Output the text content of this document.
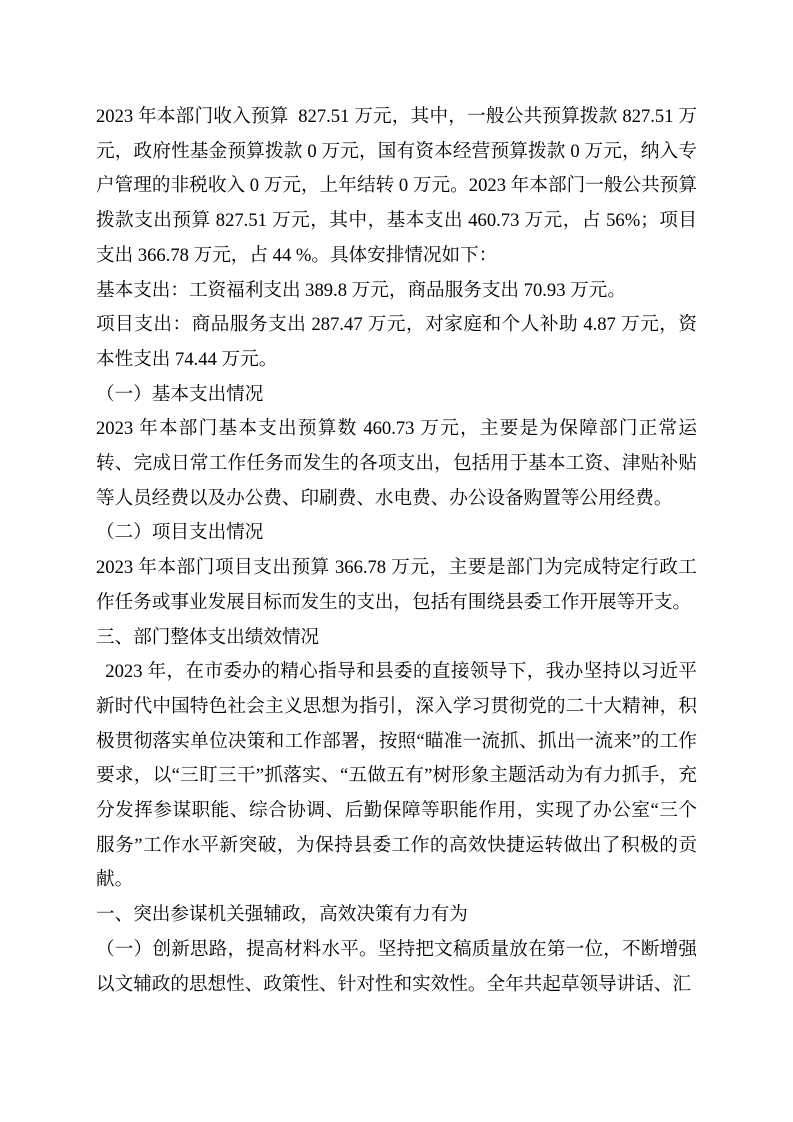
2023 年本部门收入预算  827.51 万元，其中，一般公共预算拨款 827.51 万元，政府性基金预算拨款 0 万元，国有资本经营预算拨款 0 万元，纳入专户管理的非税收入 0 万元，上年结转 0 万元。2023 年本部门一般公共预算拨款支出预算 827.51 万元，其中，基本支出 460.73 万元，占 56%；项目支出 366.78 万元，占 44 %。具体安排情况如下：

基本支出：工资福利支出 389.8 万元，商品服务支出 70.93 万元。

项目支出：商品服务支出 287.47 万元，对家庭和个人补助 4.87 万元，资本性支出 74.44 万元。

（一）基本支出情况

2023 年本部门基本支出预算数 460.73 万元，主要是为保障部门正常运转、完成日常工作任务而发生的各项支出，包括用于基本工资、津贴补贴等人员经费以及办公费、印刷费、水电费、办公设备购置等公用经费。

（二）项目支出情况

2023 年本部门项目支出预算 366.78 万元，主要是部门为完成特定行政工作任务或事业发展目标而发生的支出，包括有围绕县委工作开展等开支。

三、部门整体支出绩效情况

2023 年，在市委办的精心指导和县委的直接领导下，我办坚持以习近平新时代中国特色社会主义思想为指引，深入学习贯彻党的二十大精神，积极贯彻落实单位决策和工作部署，按照“瞄准一流抓、抓出一流来”的工作要求，以“三盯三干”抓落实、“五做五有”树形象主题活动为有力抓手，充分发挥参谋职能、综合协调、后勤保障等职能作用，实现了办公室“三个服务”工作水平新突破，为保持县委工作的高效快捷运转做出了积极的贡献。

一、突出参谋机关强辅政，高效决策有力有为

（一）创新思路，提高材料水平。坚持把文稿质量放在第一位，不断增强以文辅政的思想性、政策性、针对性和实效性。全年共起草领导讲话、汇
